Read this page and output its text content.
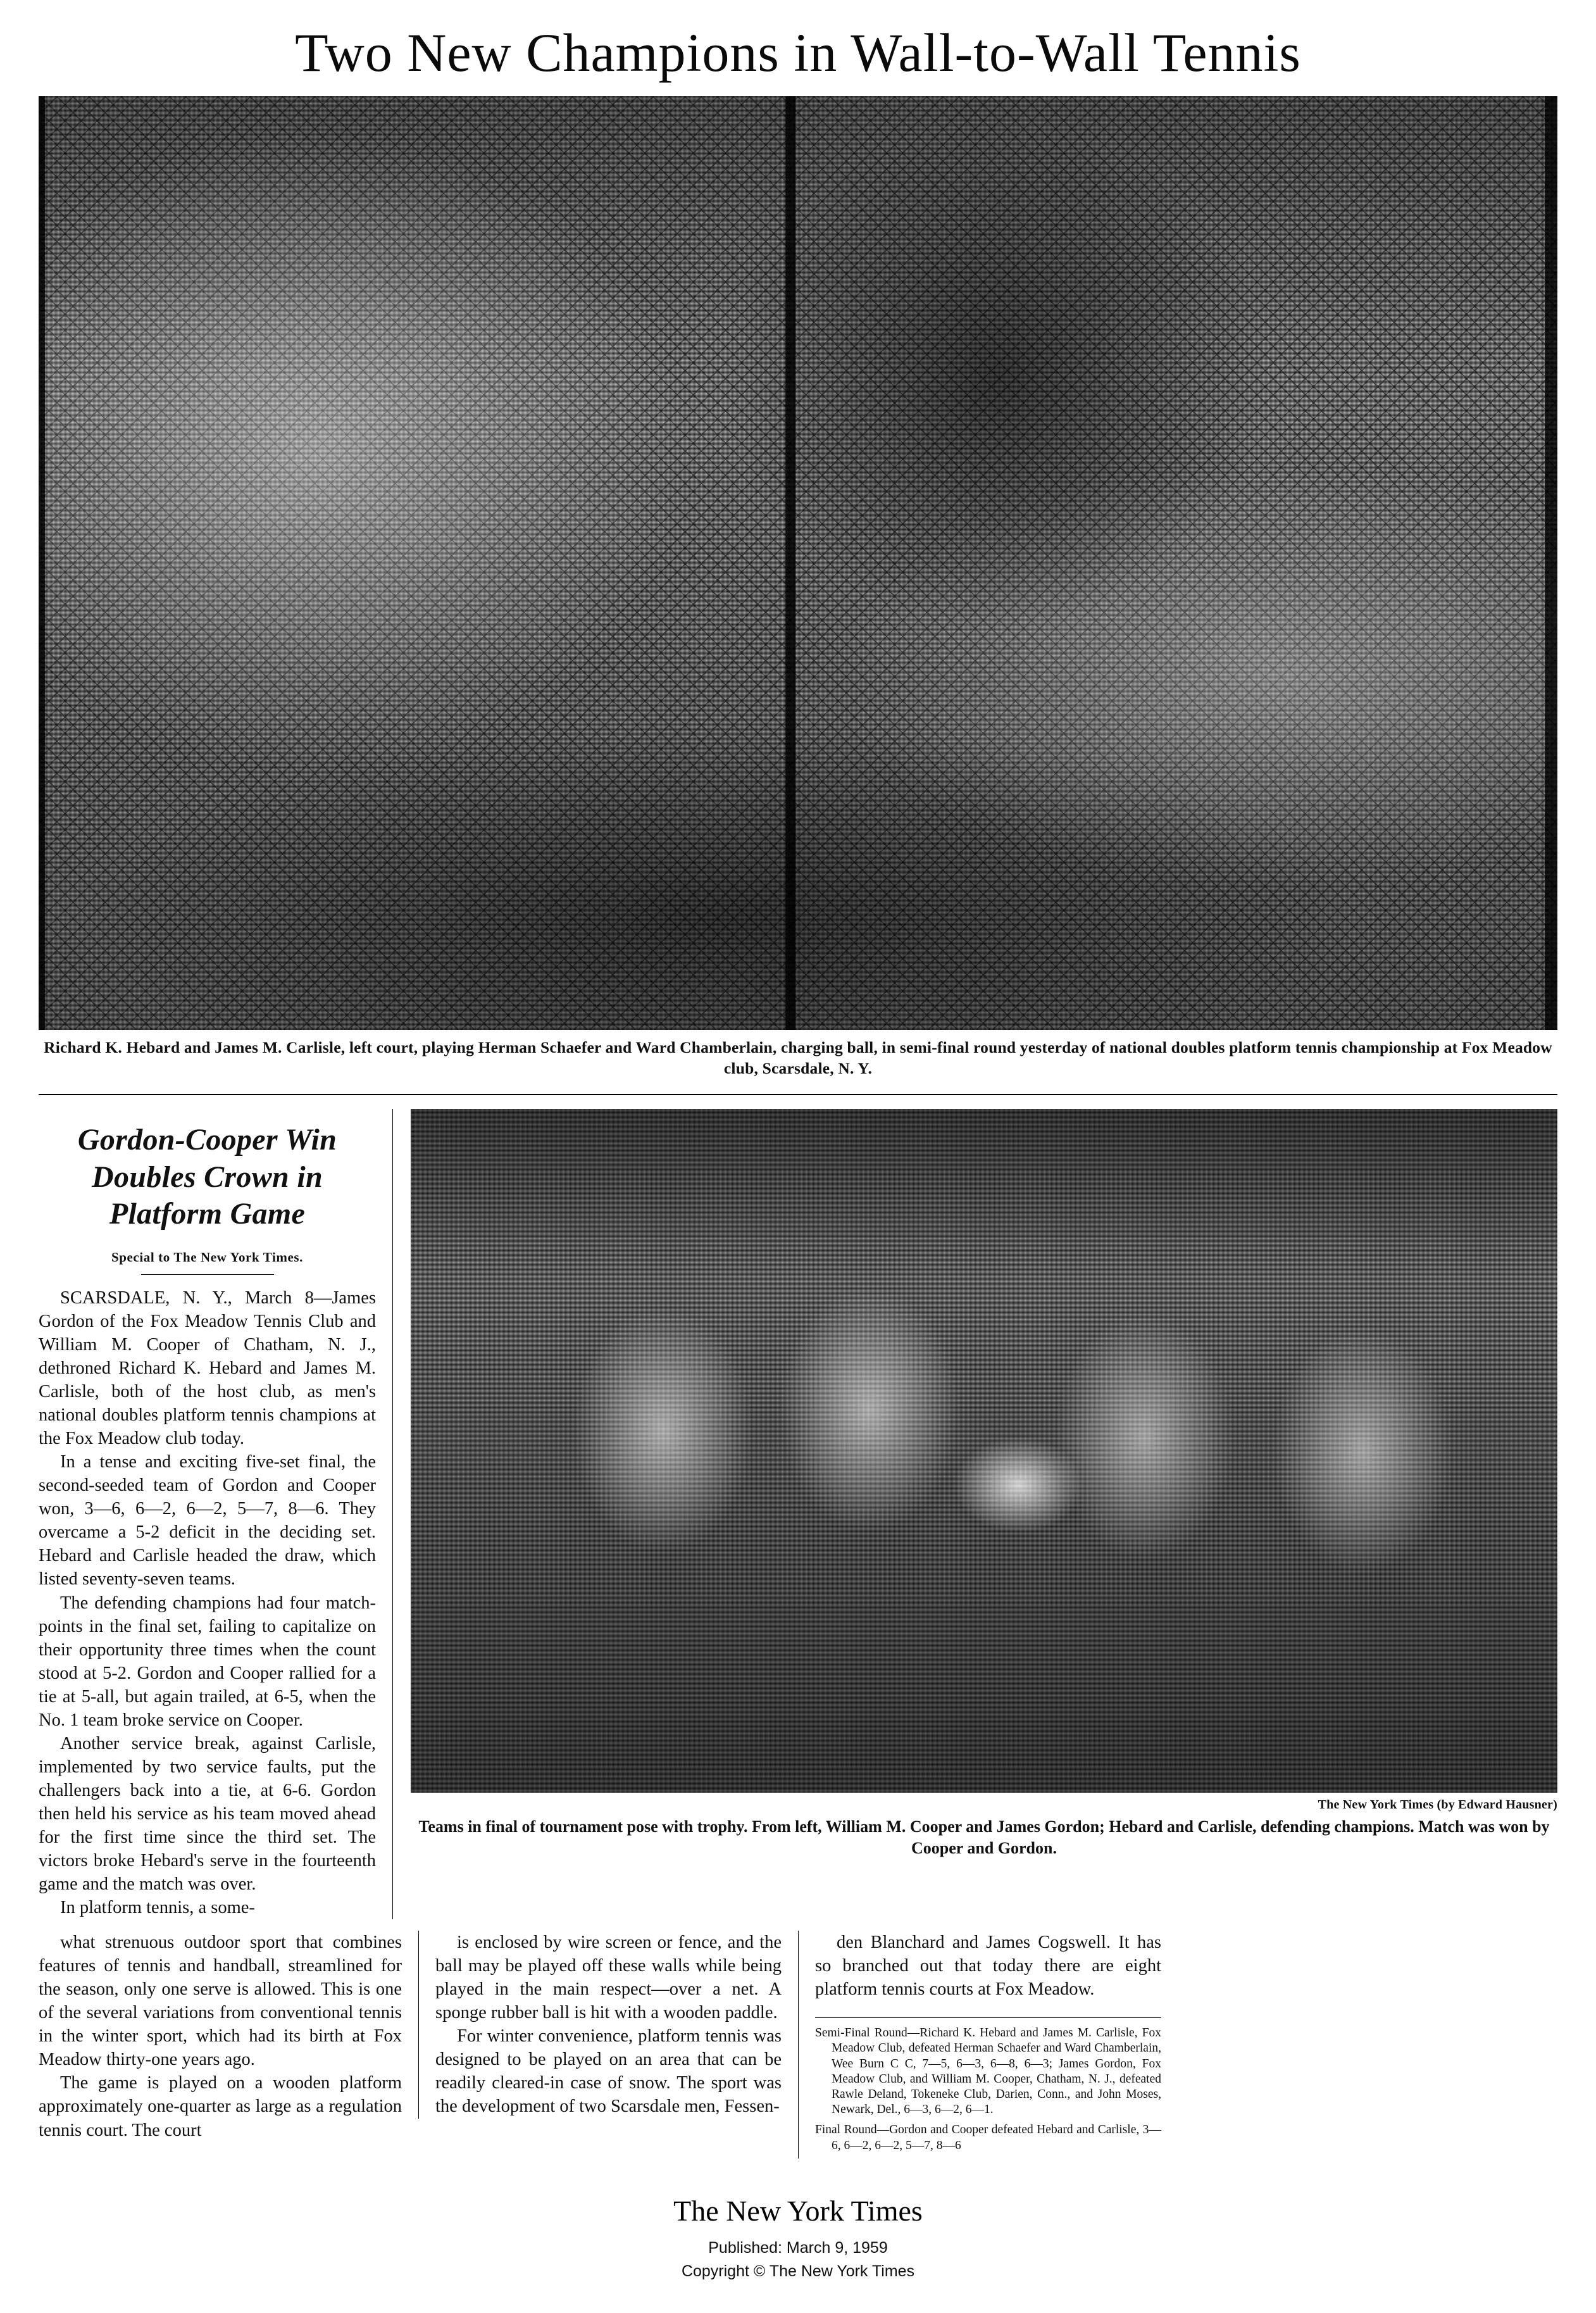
Two New Champions in Wall-to-Wall Tennis
Richard K. Hebard and James M. Carlisle, left court, playing Herman Schaefer and Ward Chamberlain, charging ball, in semi-final round yesterday of national doubles platform tennis championship at Fox Meadow club, Scarsdale, N. Y.
Gordon-Cooper Win Doubles Crown in Platform Game
Special to The New York Times.

SCARSDALE, N. Y., March 8—James Gordon of the Fox Meadow Tennis Club and William M. Cooper of Chatham, N. J., dethroned Richard K. Hebard and James M. Carlisle, both of the host club, as men's national doubles platform tennis champions at the Fox Meadow club today.

In a tense and exciting five-set final, the second-seeded team of Gordon and Cooper won, 3—6, 6—2, 6—2, 5—7, 8—6. They overcame a 5-2 deficit in the deciding set. Hebard and Carlisle headed the draw, which listed seventy-seven teams.

The defending champions had four match-points in the final set, failing to capitalize on their opportunity three times when the count stood at 5-2. Gordon and Cooper rallied for a tie at 5-all, but again trailed, at 6-5, when the No. 1 team broke service on Cooper.

Another service break, against Carlisle, implemented by two service faults, put the challengers back into a tie, at 6-6. Gordon then held his service as his team moved ahead for the first time since the third set. The victors broke Hebard's serve in the fourteenth game and the match was over.

In platform tennis, a some-

The New York Times (by Edward Hausner)
Teams in final of tournament pose with trophy. From left, William M. Cooper and James Gordon; Hebard and Carlisle, defending champions. Match was won by Cooper and Gordon.

what strenuous outdoor sport that combines features of tennis and handball, streamlined for the season, only one serve is allowed. This is one of the several variations from conventional tennis in the winter sport, which had its birth at Fox Meadow thirty-one years ago.

The game is played on a wooden platform approximately one-quarter as large as a regulation tennis court. The court

is enclosed by wire screen or fence, and the ball may be played off these walls while being played in the main respect—over a net. A sponge rubber ball is hit with a wooden paddle.

For winter convenience, platform tennis was designed to be played on an area that can be readily cleared-in case of snow. The sport was the development of two Scarsdale men, Fessen-

den Blanchard and James Cogswell. It has so branched out that today there are eight platform tennis courts at Fox Meadow.

Semi-Final Round—Richard K. Hebard and James M. Carlisle, Fox Meadow Club, defeated Herman Schaefer and Ward Chamberlain, Wee Burn C C, 7—5, 6—3, 6—8, 6—3; James Gordon, Fox Meadow Club, and William M. Cooper, Chatham, N. J., defeated Rawle Deland, Tokeneke Club, Darien, Conn., and John Moses, Newark, Del., 6—3, 6—2, 6—1.

Final Round—Gordon and Cooper defeated Hebard and Carlisle, 3—6, 6—2, 6—2, 5—7, 8—6

The New York Times
Published: March 9, 1959
Copyright © The New York Times
